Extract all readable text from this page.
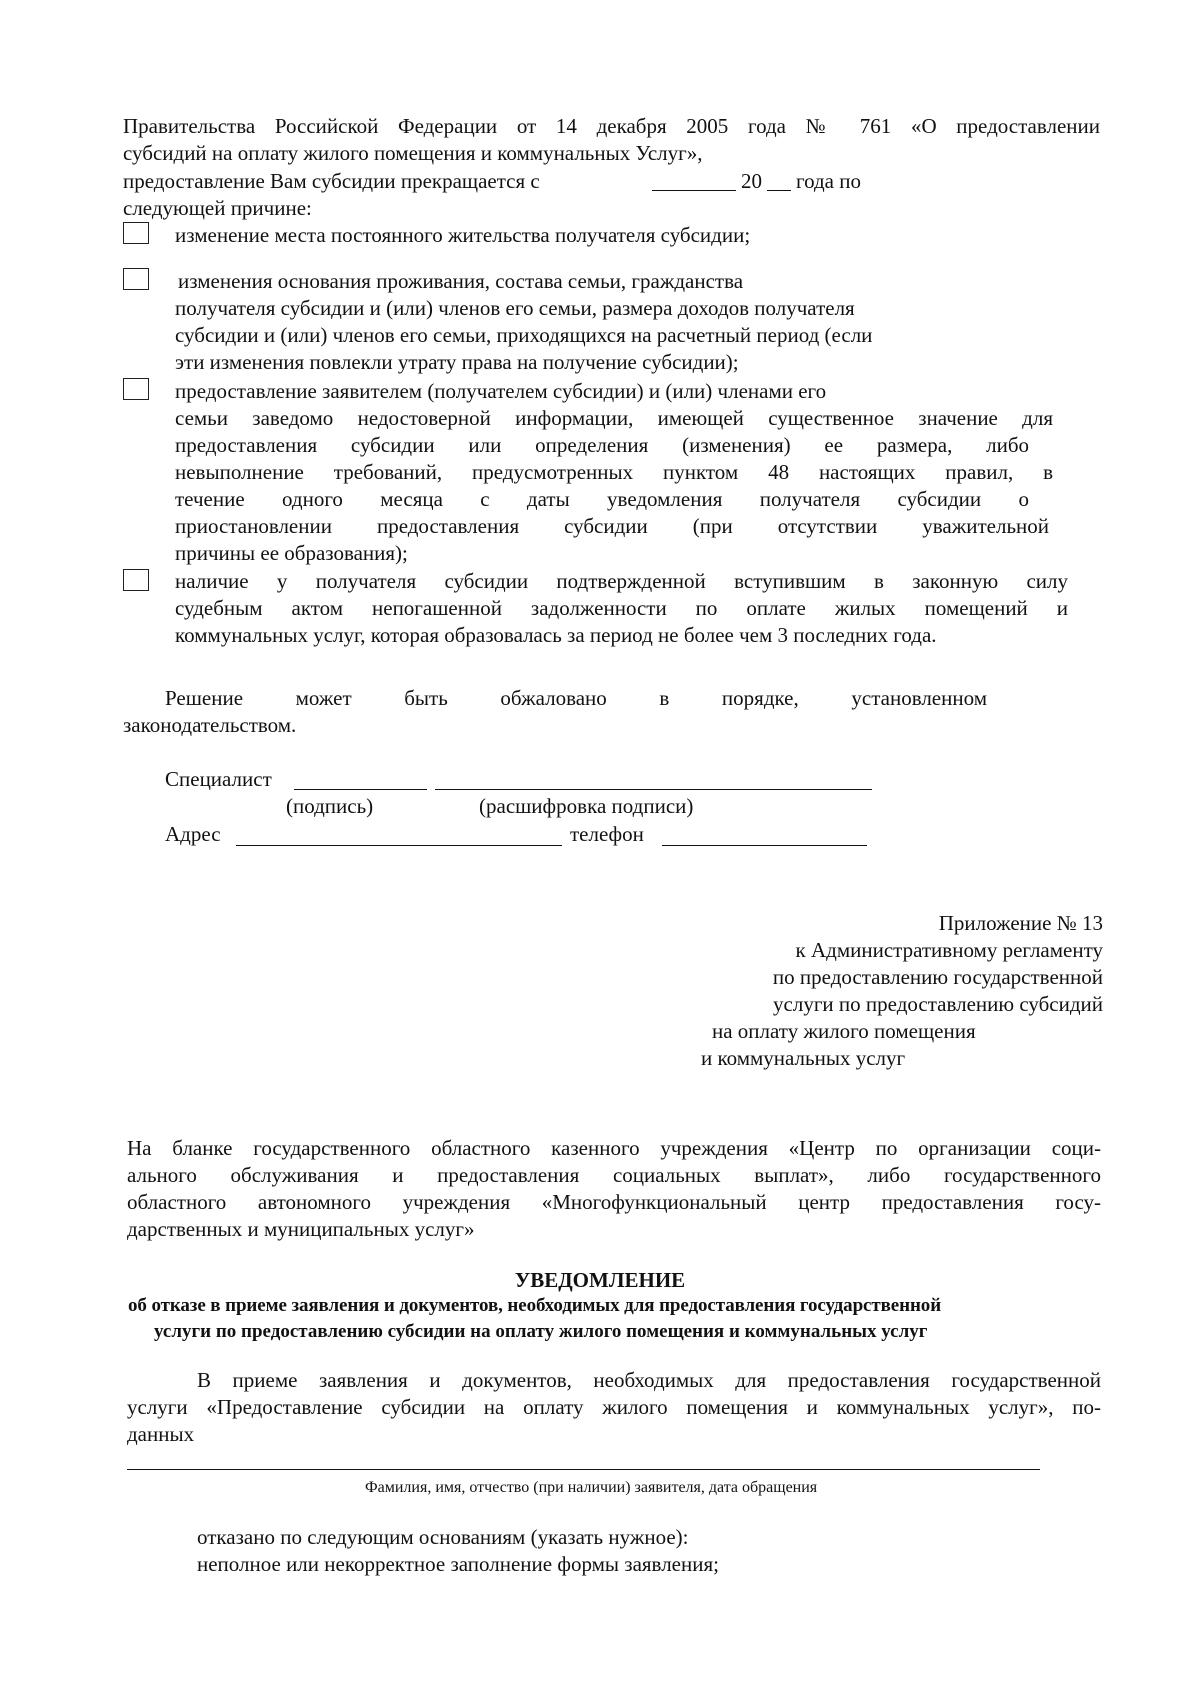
Правительства Российской Федерации от 14 декабря 2005 года № 761 «О предоставлении
субсидий на оплату жилого помещения и коммунальных Услуг»,
предоставление Вам субсидии прекращается с	20 года по
следующей причине:
изменение места постоянного жительства получателя субсидии;
изменения основания проживания, состава семьи, гражданства
получателя субсидии и (или) членов его семьи, размера доходов получателя
субсидии и (или) членов его семьи, приходящихся на расчетный период (если
эти изменения повлекли утрату права на получение субсидии);
предоставление заявителем (получателем субсидии) и (или) членами его
семьи заведомо недостоверной информации, имеющей существенное значение для
предоставления субсидии или определения (изменения) ее размера, либо
невыполнение требований, предусмотренных пунктом 48 настоящих правил, в
течение одного месяца с даты уведомления получателя субсидии о
приостановлении предоставления субсидии (при отсутствии уважительной
причины ее образования);
наличие у получателя субсидии подтвержденной вступившим в законную силу
судебным актом непогашенной задолженности по оплате жилых помещений и
коммунальных услуг, которая образовалась за период не более чем 3 последних года.
Решение может быть обжаловано в порядке, установленном
законодательством.
Специалист
(подпись)	(расшифровка подписи)
Адрес	телефон
Приложение № 13
к Административному регламенту
по предоставлению государственной
услуги по предоставлению субсидий
на оплату жилого помещения
и коммунальных услуг
На бланке государственного областного казенного учреждения «Центр по организации соци-
ального обслуживания и предоставления социальных выплат», либо государственного
областного автономного учреждения «Многофункциональный центр предоставления госу-
дарственных и муниципальных услуг»
УВЕДОМЛЕНИЕ
об отказе в приеме заявления и документов, необходимых для предоставления государственной
услуги по предоставлению субсидии на оплату жилого помещения и коммунальных услуг
В приеме заявления и документов, необходимых для предоставления государственной
услуги «Предоставление субсидии на оплату жилого помещения и коммунальных услуг», по-
данных
Фамилия, имя, отчество (при наличии) заявителя, дата обращения
отказано по следующим основаниям (указать нужное):
неполное или некорректное заполнение формы заявления;
